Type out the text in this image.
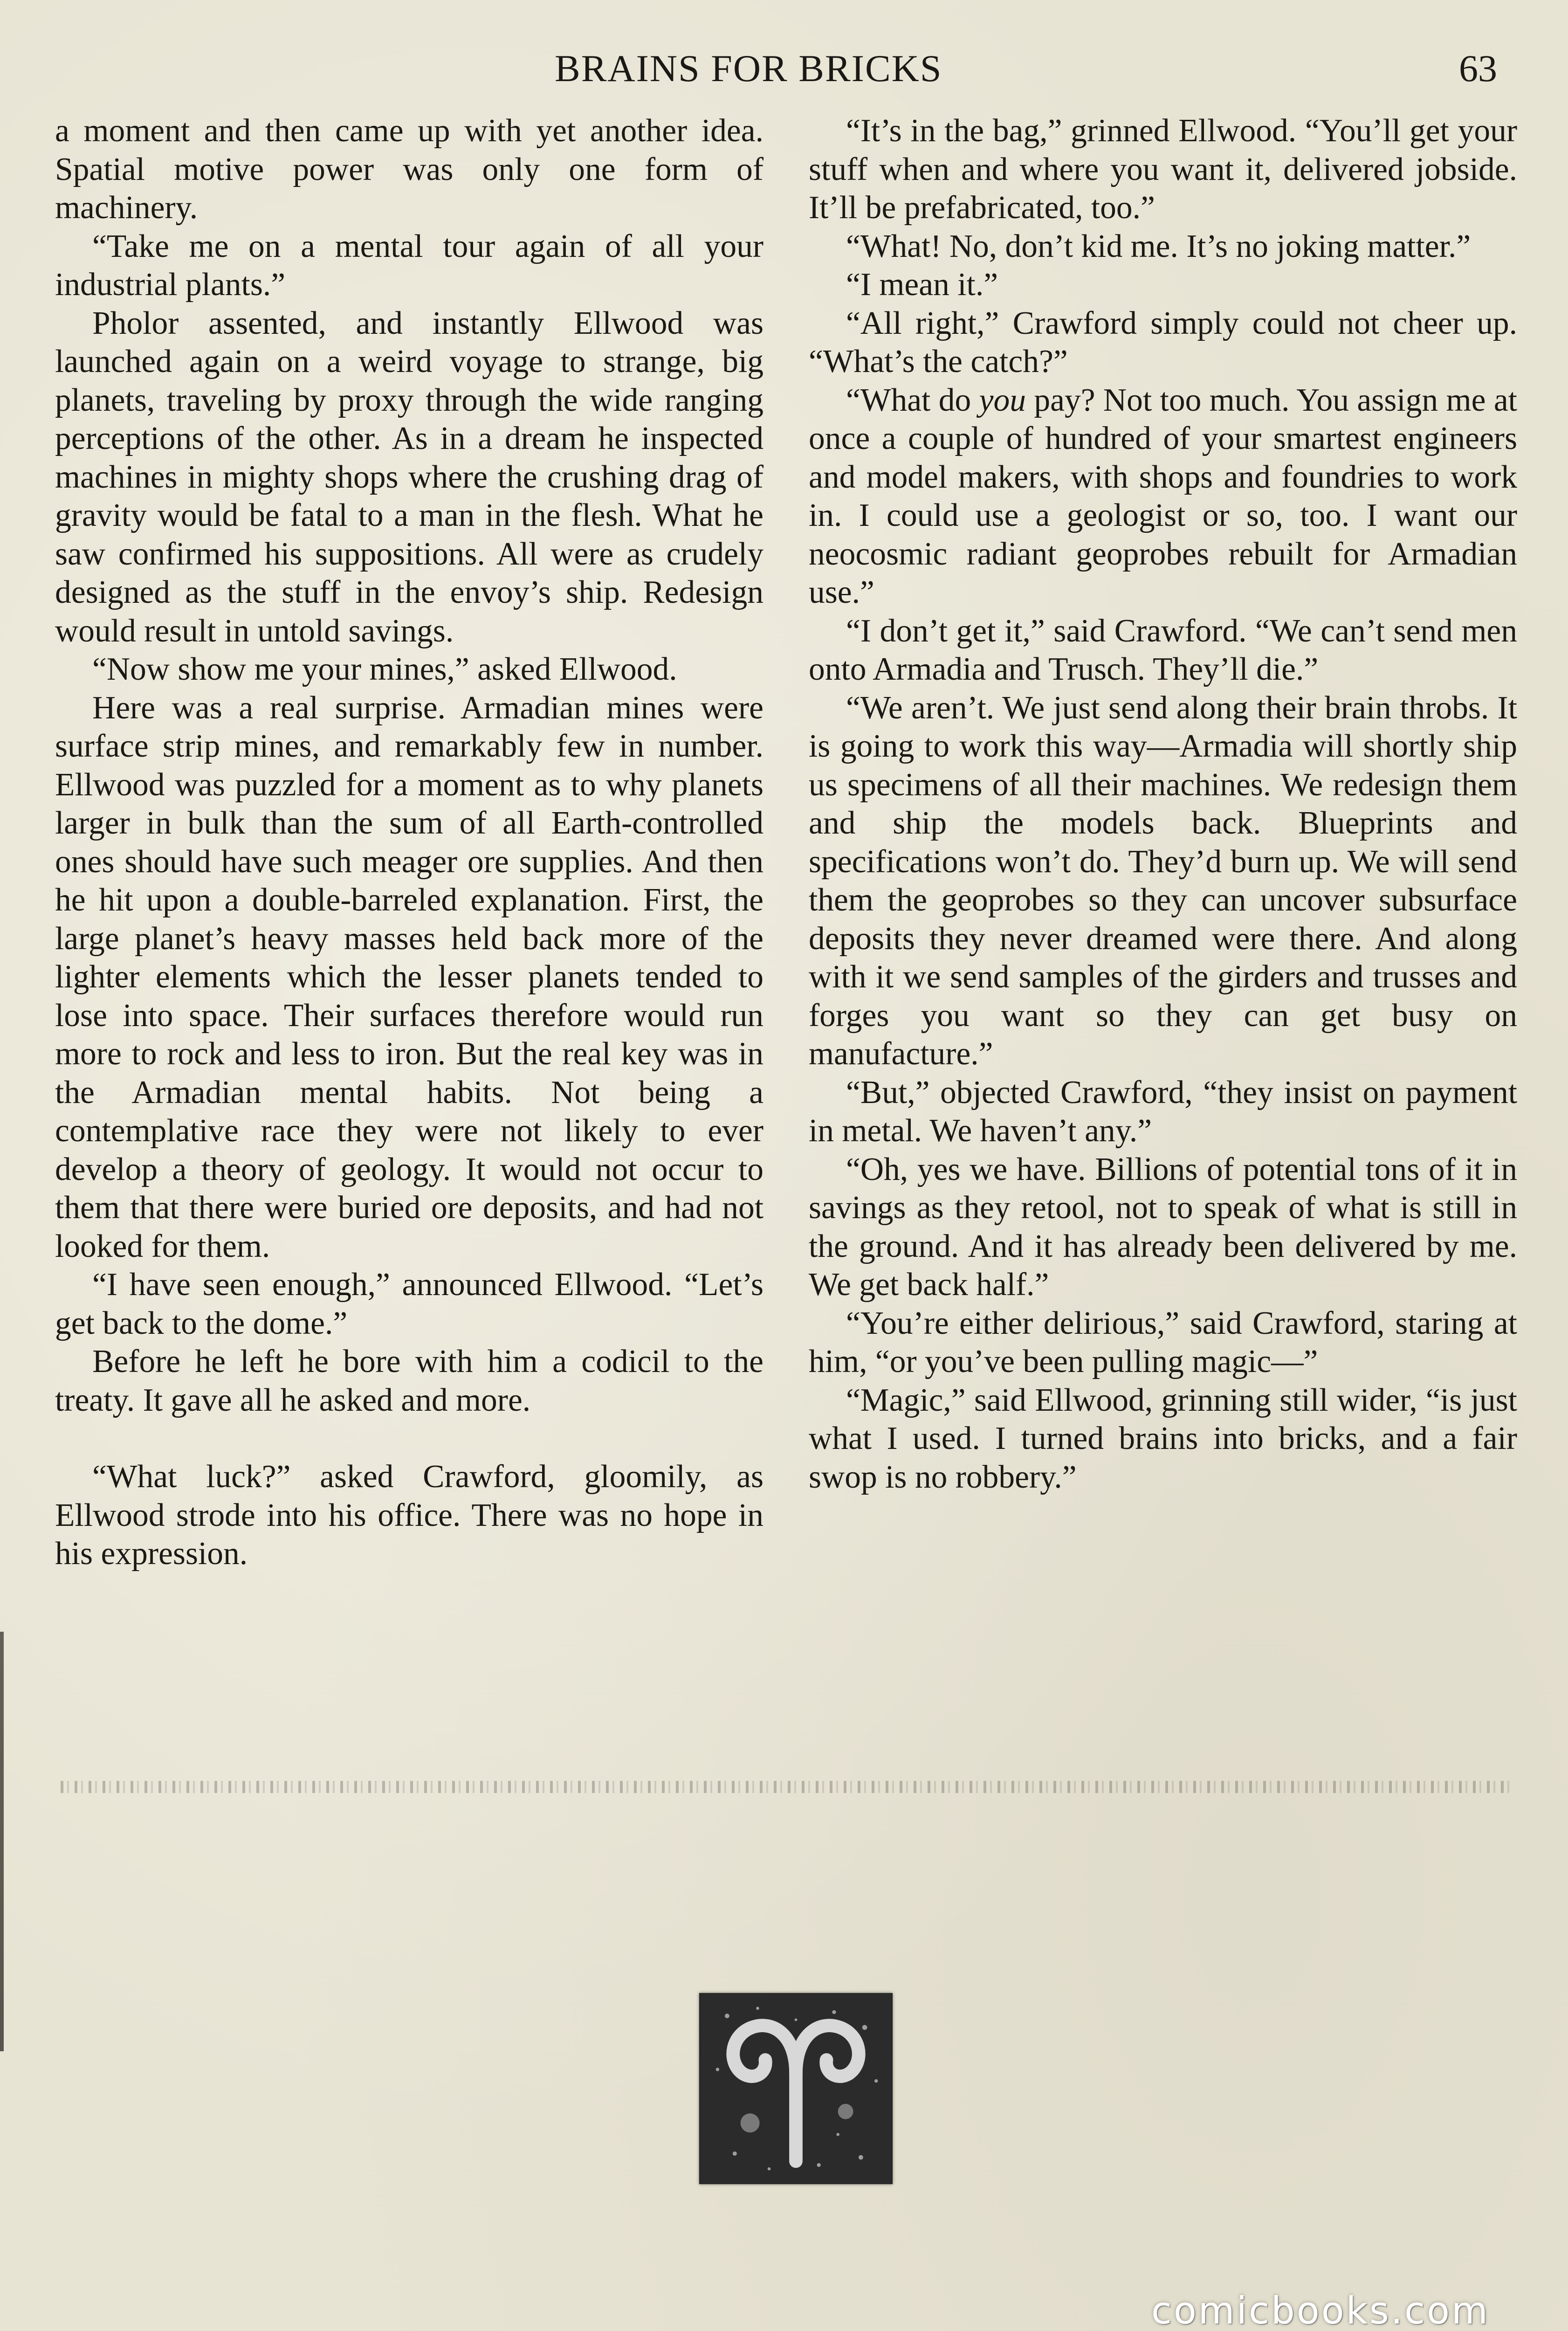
BRAINS FOR BRICKS	63

a moment and then came up with yet another idea. Spatial motive power was only one form of machinery.

“Take me on a mental tour again of all your industrial plants.”

Pholor assented, and instantly Ellwood was launched again on a weird voyage to strange, big planets, traveling by proxy through the wide ranging perceptions of the other. As in a dream he inspected machines in mighty shops where the crushing drag of gravity would be fatal to a man in the flesh. What he saw confirmed his suppositions. All were as crudely designed as the stuff in the envoy’s ship. Redesign would result in untold savings.

“Now show me your mines,” asked Ellwood.

Here was a real surprise. Armadian mines were surface strip mines, and remarkably few in number. Ellwood was puzzled for a moment as to why planets larger in bulk than the sum of all Earth-controlled ones should have such meager ore supplies. And then he hit upon a double-barreled explanation. First, the large planet’s heavy masses held back more of the lighter elements which the lesser planets tended to lose into space. Their surfaces therefore would run more to rock and less to iron. But the real key was in the Armadian mental habits. Not being a contemplative race they were not likely to ever develop a theory of geology. It would not occur to them that there were buried ore deposits, and had not looked for them.

“I have seen enough,” announced Ellwood. “Let’s get back to the dome.”

Before he left he bore with him a codicil to the treaty. It gave all he asked and more.

“What luck?” asked Crawford, gloomily, as Ellwood strode into his office. There was no hope in his expression.

“It’s in the bag,” grinned Ellwood. “You’ll get your stuff when and where you want it, delivered jobside. It’ll be prefabricated, too.”

“What! No, don’t kid me. It’s no joking matter.”

“I mean it.”

“All right,” Crawford simply could not cheer up. “What’s the catch?”

“What do you pay? Not too much. You assign me at once a couple of hundred of your smartest engineers and model makers, with shops and foundries to work in. I could use a geologist or so, too. I want our neocosmic radiant geoprobes rebuilt for Armadian use.”

“I don’t get it,” said Crawford. “We can’t send men onto Armadia and Trusch. They’ll die.”

“We aren’t. We just send along their brain throbs. It is going to work this way—Armadia will shortly ship us specimens of all their machines. We redesign them and ship the models back. Blueprints and specifications won’t do. They’d burn up. We will send them the geoprobes so they can uncover subsurface deposits they never dreamed were there. And along with it we send samples of the girders and trusses and forges you want so they can get busy on manufacture.”

“But,” objected Crawford, “they insist on payment in metal. We haven’t any.”

“Oh, yes we have. Billions of potential tons of it in savings as they retool, not to speak of what is still in the ground. And it has already been delivered by me. We get back half.”

“You’re either delirious,” said Crawford, staring at him, “or you’ve been pulling magic—”

“Magic,” said Ellwood, grinning still wider, “is just what I used. I turned brains into bricks, and a fair swop is no robbery.”

comicbooks.com
